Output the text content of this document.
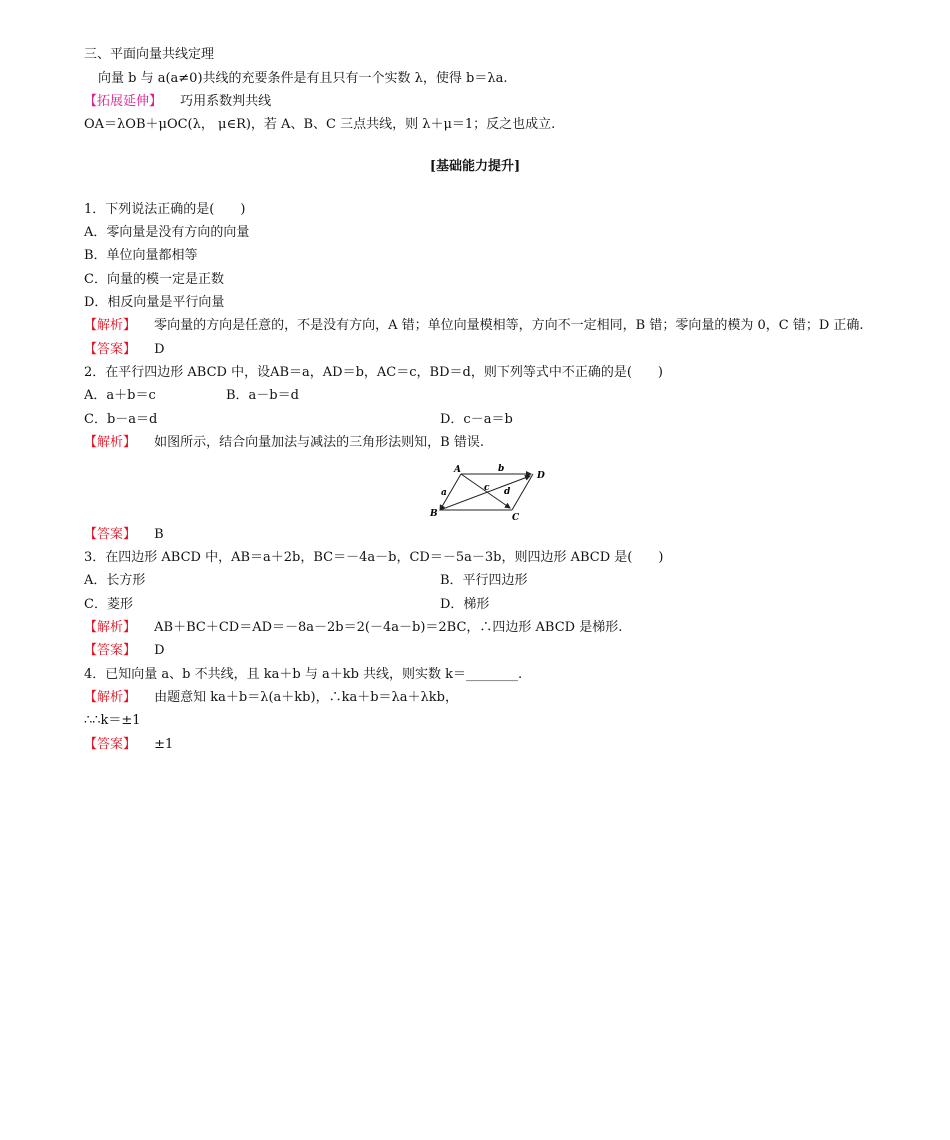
三、平面向量共线定理
向量 b 与 a(a≠0)共线的充要条件是有且只有一个实数 λ，使得 b＝λa.
【拓展延伸】 巧用系数判共线
OA＝λOB＋μOC(λ， μ∈R)，若 A、B、C 三点共线，则 λ＋μ＝1；反之也成立.
[基础能力提升]
1．下列说法正确的是(　　)
A．零向量是没有方向的向量
B．单位向量都相等
C．向量的模一定是正数
D．相反向量是平行向量
【解析】 零向量的方向是任意的，不是没有方向，A 错；单位向量模相等，方向不一定相同，B 错；零向量的模为 0，C 错；D 正确.
【答案】 D
2．在平行四边形 ABCD 中，设AB＝a，AD＝b，AC＝c，BD＝d，则下列等式中不正确的是(　　)
A．a＋b＝c	B．a－b＝d
C．b－a＝d	D．c－a＝b
【解析】 如图所示，结合向量加法与减法的三角形法则知，B 错误.
A
B	C
D
a
b
c d
【答案】 B
3．在四边形 ABCD 中，AB＝a＋2b，BC＝－4a－b，CD＝－5a－3b，则四边形 ABCD 是(　　)
A．长方形	B．平行四边形
C．菱形	D．梯形
【解析】 AB＋BC＋CD＝AD＝－8a－2b＝2(－4a－b)＝2BC，∴四边形 ABCD 是梯形.
【答案】 D
4．已知向量 a、b 不共线，且 ka＋b 与 a＋kb 共线，则实数 k＝________.
【解析】 由题意知 ka＋b＝λ(a＋kb)，∴ka＋b＝λa＋λkb，
∴∴k＝±1
【答案】 ±1
